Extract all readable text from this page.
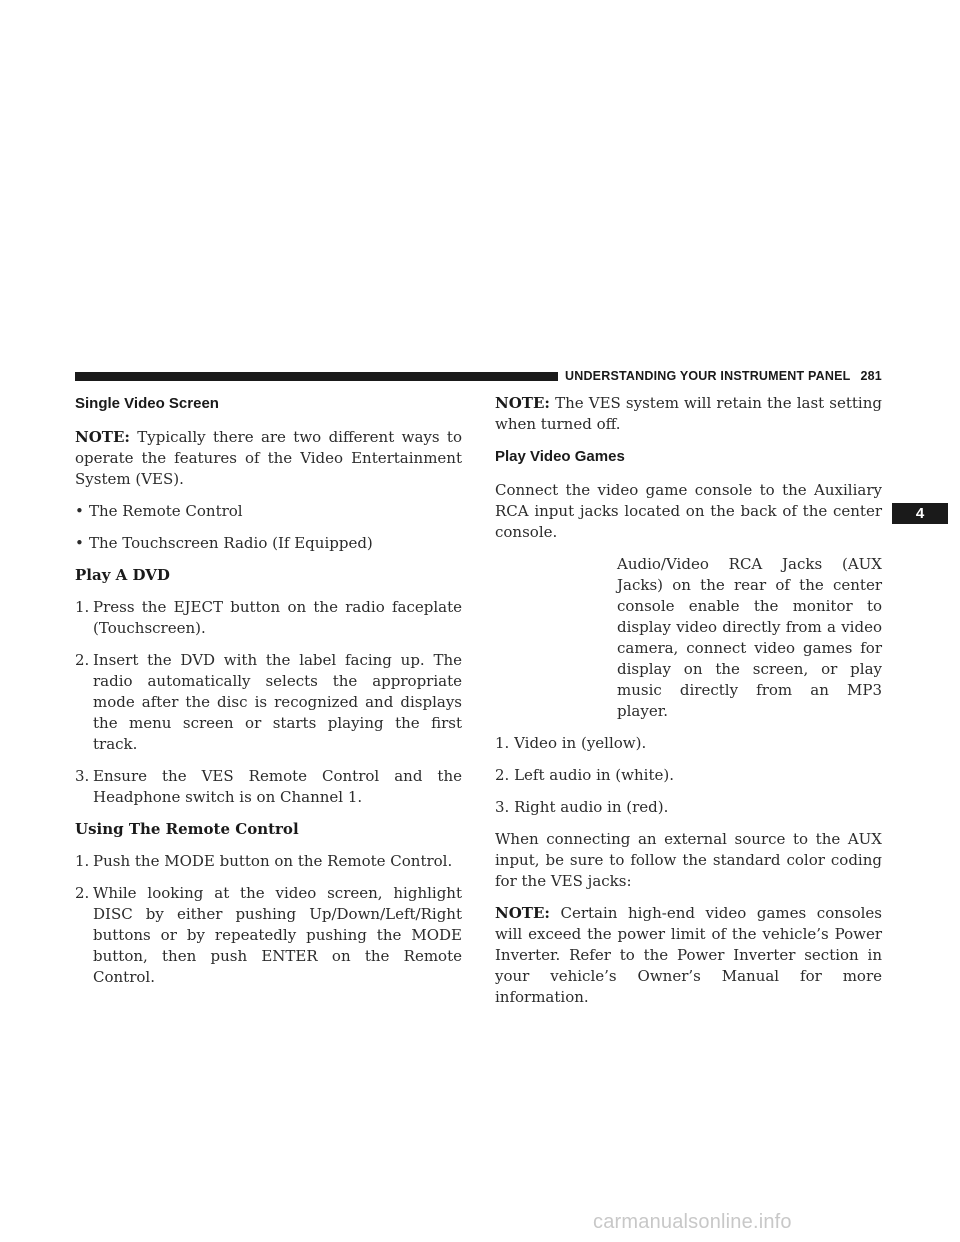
UNDERSTANDING YOUR INSTRUMENT PANEL 281
4
Single Video Screen

NOTE: Typically there are two different ways to operate the features of the Video Entertainment System (VES).

• The Remote Control
• The Touchscreen Radio (If Equipped)
Play A DVD
1. Press the EJECT button on the radio faceplate (Touchscreen).
2. Insert the DVD with the label facing up. The radio automatically selects the appropriate mode after the disc is recognized and displays the menu screen or starts playing the first track.
3. Ensure the VES Remote Control and the Headphone switch is on Channel 1.
Using The Remote Control
1. Push the MODE button on the Remote Control.
2. While looking at the video screen, highlight DISC by either pushing Up/Down/Left/Right buttons or by repeatedly pushing the MODE button, then push ENTER on the Remote Control.

NOTE: The VES system will retain the last setting when turned off.

Play Video Games

Connect the video game console to the Auxiliary RCA input jacks located on the back of the center console.

Audio/Video RCA Jacks (AUX Jacks) on the rear of the center console enable the monitor to display video directly from a video camera, connect video games for display on the screen, or play music directly from an MP3 player.
1. Video in (yellow).
2. Left audio in (white).
3. Right audio in (red).

When connecting an external source to the AUX input, be sure to follow the standard color coding for the VES jacks:

NOTE: Certain high-end video games consoles will exceed the power limit of the vehicle’s Power Inverter. Refer to the Power Inverter section in your vehicle’s Owner’s Manual for more information.

carmanualsonline.info
